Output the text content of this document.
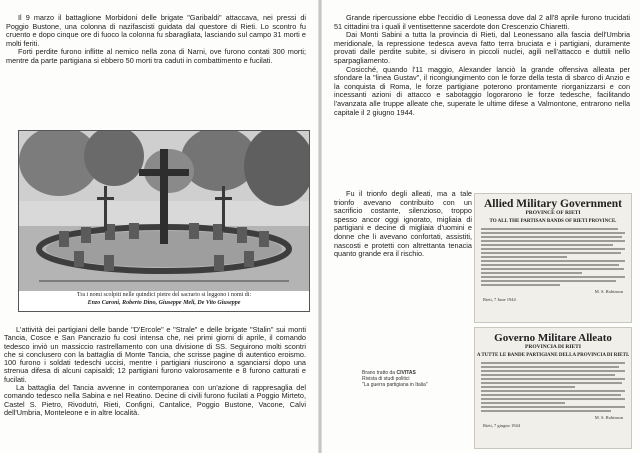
Il 9 marzo il battaglione Morbidoni delle brigate "Garibaldi" attaccava, nei pressi di Poggio Bustone, una colonna di nazifascisti guidata dal questore di Rieti. Lo scontro fu cruento e dopo cinque ore di fuoco la colonna fu sbaragliata, lasciando sul campo 31 morti e molti feriti.

Forti perdite furono inflitte al nemico nella zona di Narni, ove furono contati 300 morti; mentre da parte partigiana si ebbero 50 morti tra caduti in combattimento e fucilati.

Tra i nomi scolpiti nelle quindici pietre del sacrario si leggono i nomi di:
Enzo Caroni, Roberto Dino, Giuseppe Meli, De Vito Giuseppe

L'attività dei partigiani delle bande "D'Ercole" e "Strale" e delle brigate "Stalin" sui monti Tancia, Cosce e San Pancrazio fu così intensa che, nei primi giorni di aprile, il comando tedesco inviò un massiccio rastrellamento con una divisione di SS. Seguirono molti scontri che si conclusero con la battaglia di Monte Tancia, che scrisse pagine di autentico eroismo. 100 furono i soldati tedeschi uccisi, mentre i partigiani riuscirono a sganciarsi dopo una strenua difesa di alcuni capisaldi; 12 partigiani furono valorosamente e 8 furono catturati e fucilati.

La battaglia del Tancia avvenne in contemporanea con un'azione di rappresaglia del comando tedesco nella Sabina e nel Reatino. Decine di civili furono fucilati a Poggio Mirteto, Castel S. Pietro, Rivodutri, Rieti, Configni, Cantalice, Poggio Bustone, Vacone, Calvi dell'Umbria, Montelеone e in altre località.

Grande ripercussione ebbe l'eccidio di Leonessa dove dal 2 all'8 aprile furono trucidati 51 cittadini tra i quali il ventisettenne sacerdote don Crescenzio Chiaretti.

Dai Monti Sabini a tutta la provincia di Rieti, dal Leonessano alla fascia dell'Umbria meridionale, la repressione tedesca aveva fatto terra bruciata e i partigiani, duramente provati dalle perdite subite, si divisero in piccoli nuclei, agili nell'attacco e duttili nello sparpagliamento.

Cosicché, quando l'11 maggio, Alexander lanciò la grande offensiva alleata per sfondare la "linea Gustav", il ricongiungimento con le forze della testa di sbarco di Anzio e la conquista di Roma, le forze partigiane poterono prontamente riorganizzarsi e con incessanti azioni di attacco e sabotaggio logorarono le forze tedesche, facilitando l'avanzata alle truppe alleate che, superate le ultime difese a Valmontone, entrarono nella capitale il 2 giugno 1944.

Fu il trionfo degli alleati, ma a tale trionfo avevano contribuito con un sacrificio costante, silenzioso, troppo spesso ancor oggi ignorato, migliaia di partigiani e decine di migliaia d'uomini e donne che li avevano confortati, assistiti, nascosti e protetti con altrettanta tenacia quanto grande era il rischio.

Brano tratto da CIVITAS
Rivista di studi politici
"La guerra partigiana in Italia"
Allied Military Government
PROVINCE OF RIETI
TO ALL THE PARTISAN BANDS OF RIETI PROVINCE.
M. S. Robinson
Rieti, 7 June 1944
Governo Militare Alleato
PROVINCIA DI RIETI
A TUTTE LE BANDE PARTIGIANE DELLA PROVINCIA DI RIETI.
M. S. Robinson
Rieti, 7 giugno 1944
